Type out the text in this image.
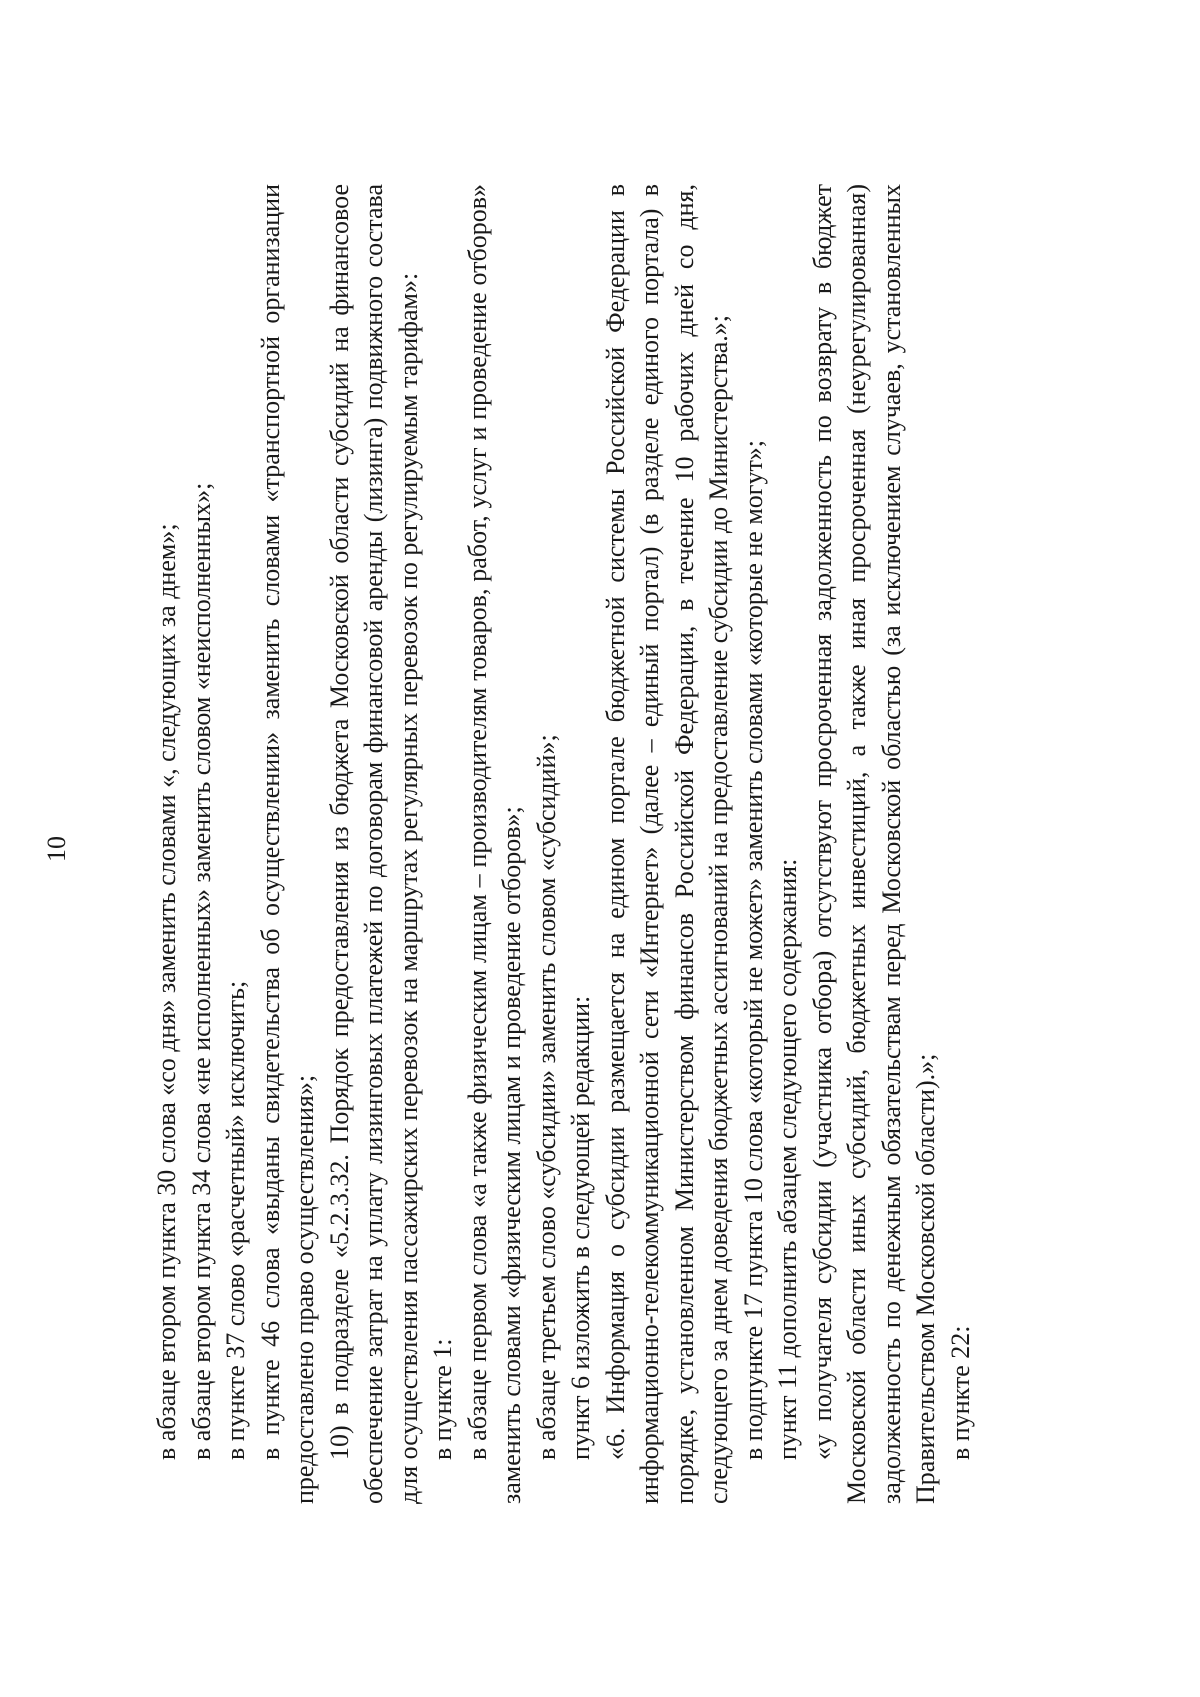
10	в абзаце втором пункта 30 слова «со дня» заменить словами «, следующих за днем»; в абзаце втором пункта 34 слова «не исполненных» заменить словом «неисполненных»; в пункте 37 слово «расчетный» исключить; в пункте 46 слова «выданы свидетельства об осуществлении» заменить словами «транспортной организации предоставлено право осуществления»; 10) в подразделе «5.2.3.32. Порядок предоставления из бюджета Московской области субсидий на финансовое обеспечение затрат на уплату лизинговых платежей по договорам финансовой аренды (лизинга) подвижного состава для осуществления пассажирских перевозок на маршрутах регулярных перевозок по регулируемым тарифам»: в пункте 1: в абзаце первом слова «а также физическим лицам – производителям товаров, работ, услуг и проведение отборов» заменить словами «физическим лицам и проведение отборов»; в абзаце третьем слово «субсидии» заменить словом «субсидий»; пункт 6 изложить в следующей редакции: «6. Информация о субсидии размещается на едином портале бюджетной системы Российской Федерации в информационно-телекоммуникационной сети «Интернет» (далее – единый портал) (в разделе единого портала) в порядке, установленном Министерством финансов Российской Федерации, в течение 10 рабочих дней со дня, следующего за днем доведения бюджетных ассигнований на предоставление субсидии до Министерства.»; в подпункте 17 пункта 10 слова «который не может» заменить словами «которые не могут»; пункт 11 дополнить абзацем следующего содержания: «у получателя субсидии (участника отбора) отсутствуют просроченная задолженность по возврату в бюджет Московской области иных субсидий, бюджетных инвестиций, а также иная просроченная (неурегулированная) задолженность по денежным обязательствам перед Московской областью (за исключением случаев, установленных Правительством Московской области).»; в пункте 22:
